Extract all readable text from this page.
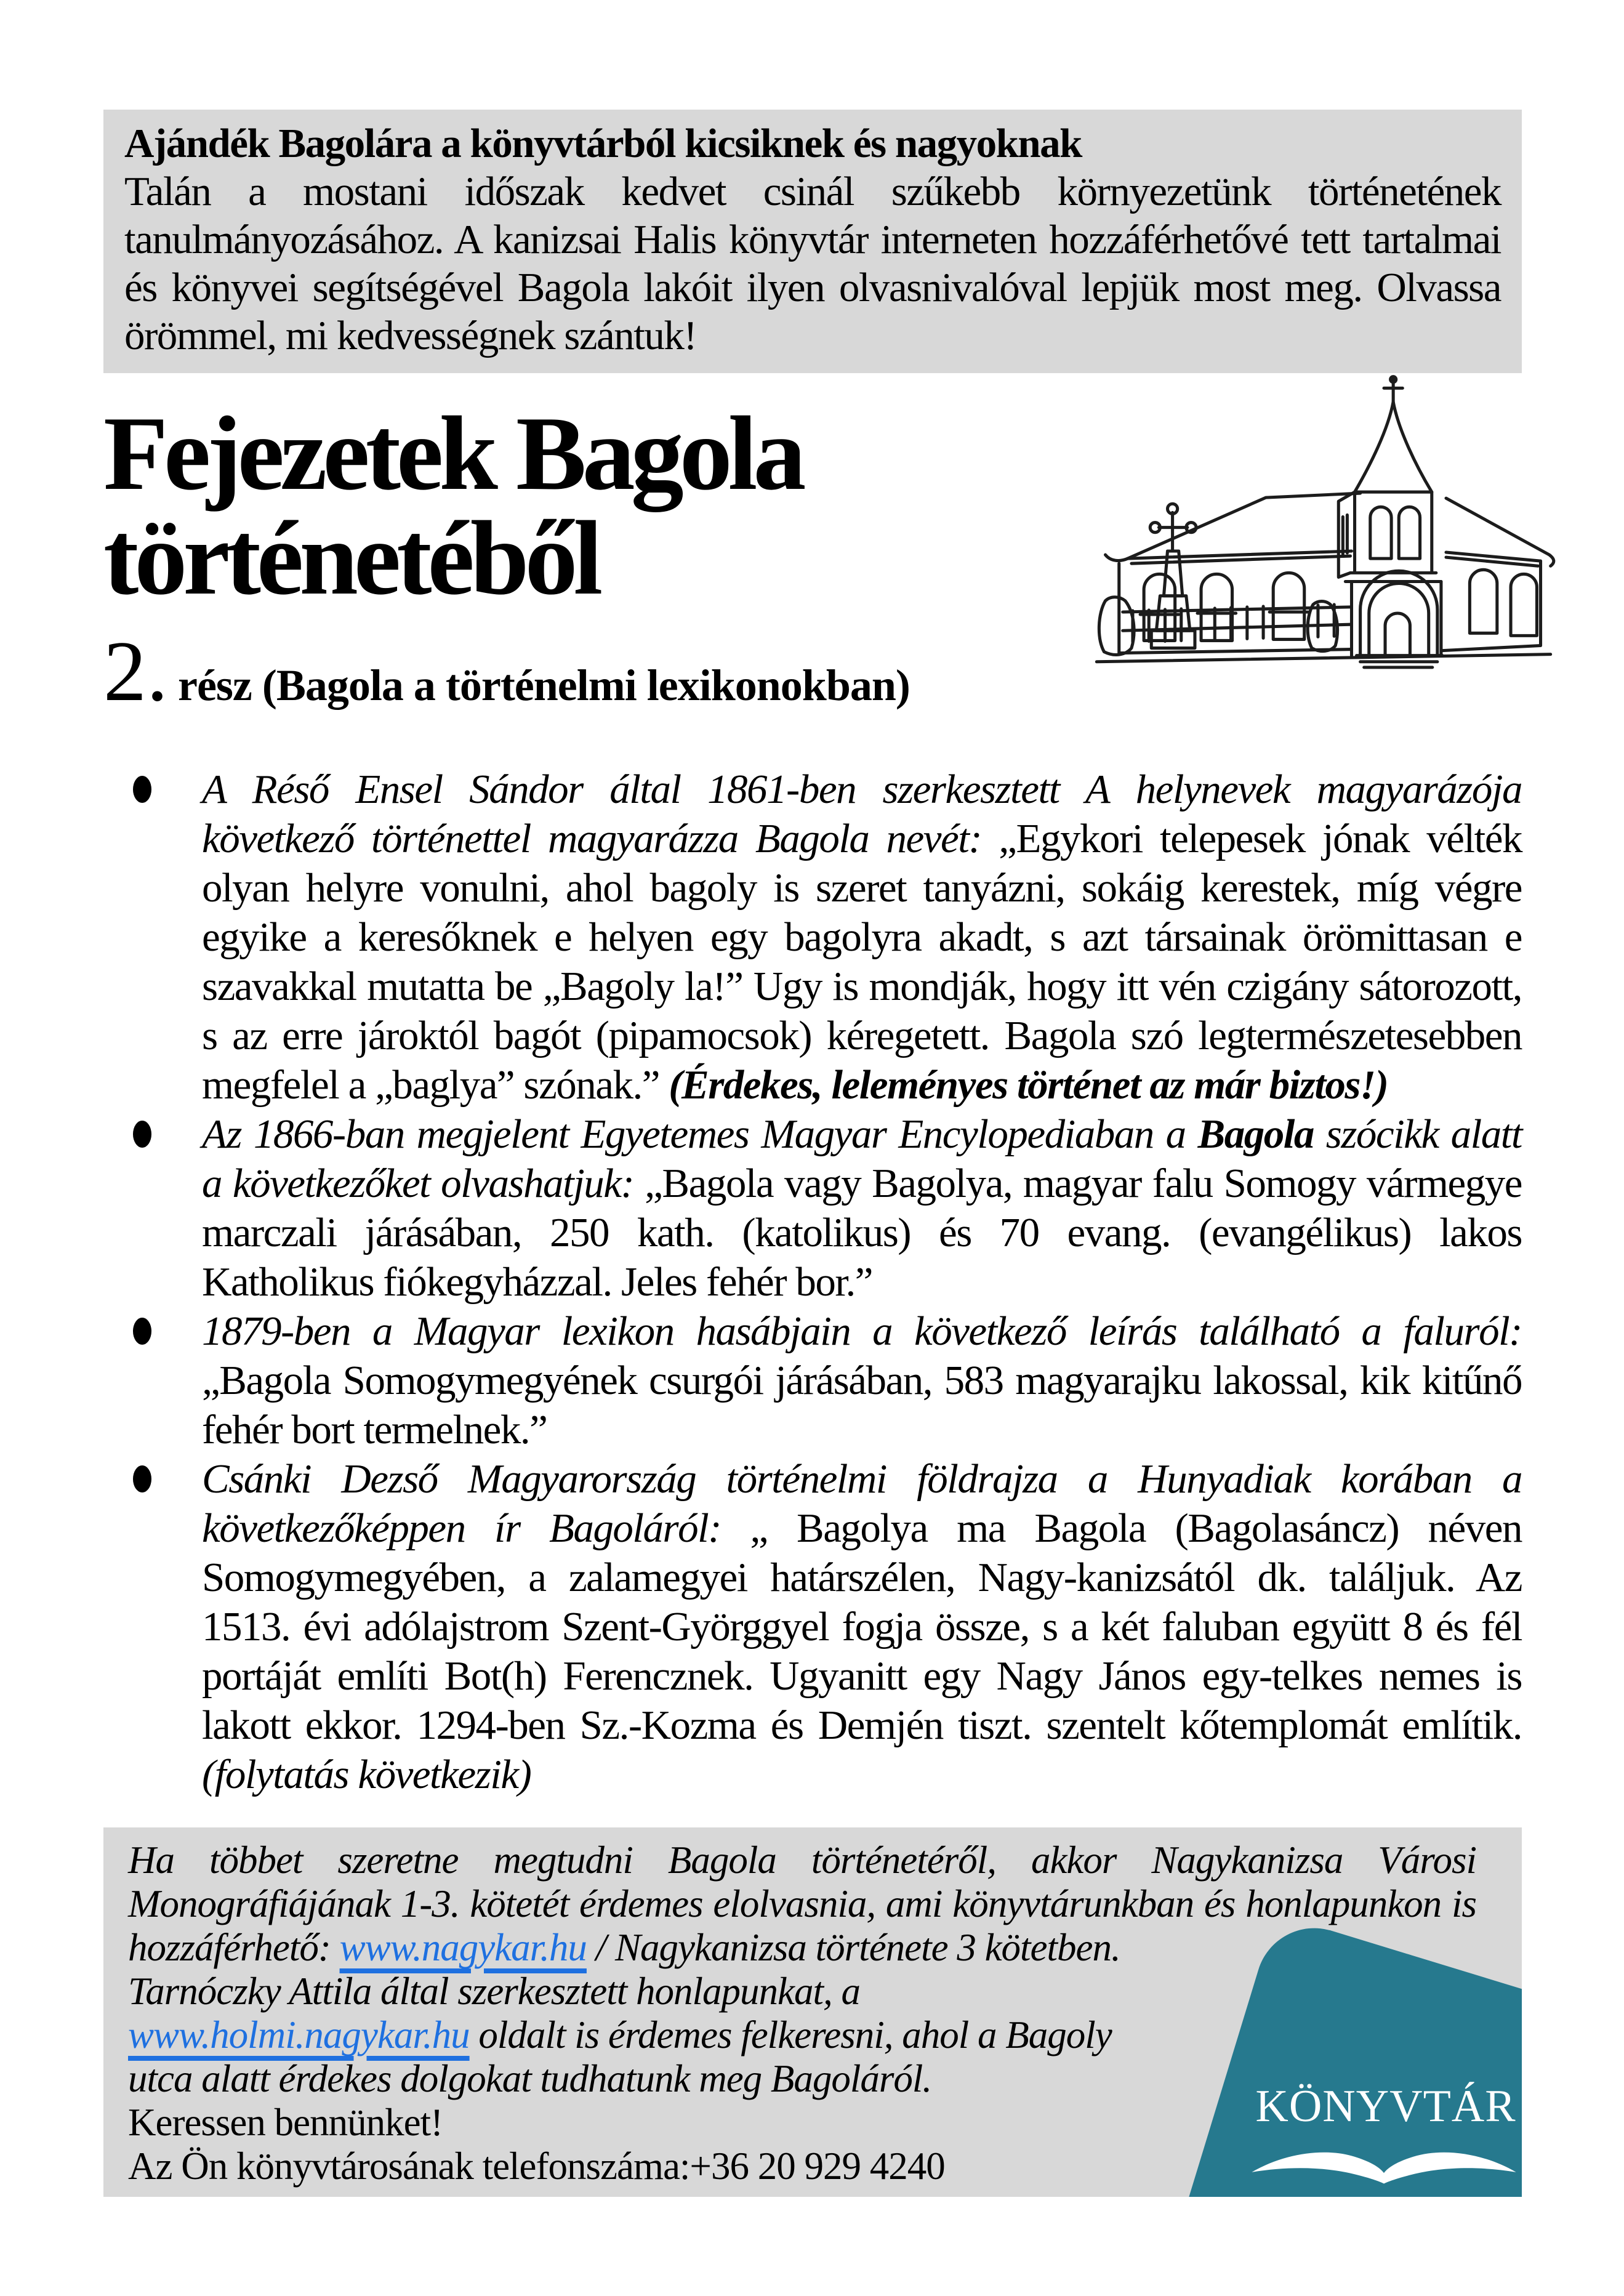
Ajándék Bagolára a könyvtárból kicsiknek és nagyoknak
Talán a mostani időszak kedvet csinál szűkebb környezetünk történetének tanulmányozásához. A kanizsai Halis könyvtár interneten hozzáférhetővé tett tartalmai és könyvei segítségével Bagola lakóit ilyen olvasnivalóval lepjük most meg. Olvassa örömmel, mi kedvességnek szántuk!
Fejezetek Bagola
történetéből
2. rész (Bagola a történelmi lexikonokban)
A Réső Ensel Sándor által 1861-ben szerkesztett A helynevek magyarázója következő történettel magyarázza Bagola nevét: „Egykori telepesek jónak vélték olyan helyre vonulni, ahol bagoly is szeret tanyázni, sokáig kerestek, míg végre egyike a keresőknek e helyen egy bagolyra akadt, s azt társainak örömittasan e szavakkal mutatta be „Bagoly la!” Ugy is mondják, hogy itt vén czigány sátorozott, s az erre jároktól bagót (pipamocsok) kéregetett. Bagola szó legtermészetesebben megfelel a „baglya” szónak.” (Érdekes, leleményes történet az már biztos!)
Az 1866-ban megjelent Egyetemes Magyar Encylopediaban a Bagola szócikk alatt a következőket olvashatjuk: „Bagola vagy Bagolya, magyar falu Somogy vármegye marczali járásában, 250 kath. (katolikus) és 70 evang. (evangélikus) lakos Katholikus fiókegyházzal. Jeles fehér bor.”
1879-ben a Magyar lexikon hasábjain a következő leírás található a faluról: „Bagola Somogymegyének csurgói járásában, 583 magyarajku lakossal, kik kitűnő fehér bort termelnek.”
Csánki Dezső Magyarország történelmi földrajza a Hunyadiak korában a következőképpen ír Bagoláról: „ Bagolya ma Bagola (Bagolasáncz) néven Somogymegyében, a zalamegyei határszélen, Nagy-kanizsától dk. találjuk. Az 1513. évi adólajstrom Szent-Györggyel fogja össze, s a két faluban együtt 8 és fél portáját említi Bot(h) Ferencznek. Ugyanitt egy Nagy János egy-telkes nemes is lakott ekkor. 1294-ben Sz.-Kozma és Demjén tiszt. szentelt kőtemplomát említik. (folytatás következik)
Ha többet szeretne megtudni Bagola történetéről, akkor Nagykanizsa Városi Monográfiájának 1-3. kötetét érdemes elolvasnia, ami könyvtárunkban és honlapunkon is hozzáférhető: www.nagykar.hu / Nagykanizsa története 3 kötetben.
Tarnóczky Attila által szerkesztett honlapunkat, a
www.holmi.nagykar.hu oldalt is érdemes felkeresni, ahol a Bagoly
utca alatt érdekes dolgokat tudhatunk meg Bagoláról.
Keressen bennünket!
Az Ön könyvtárosának telefonszáma:+36 20 929 4240
KÖNYVTÁR
